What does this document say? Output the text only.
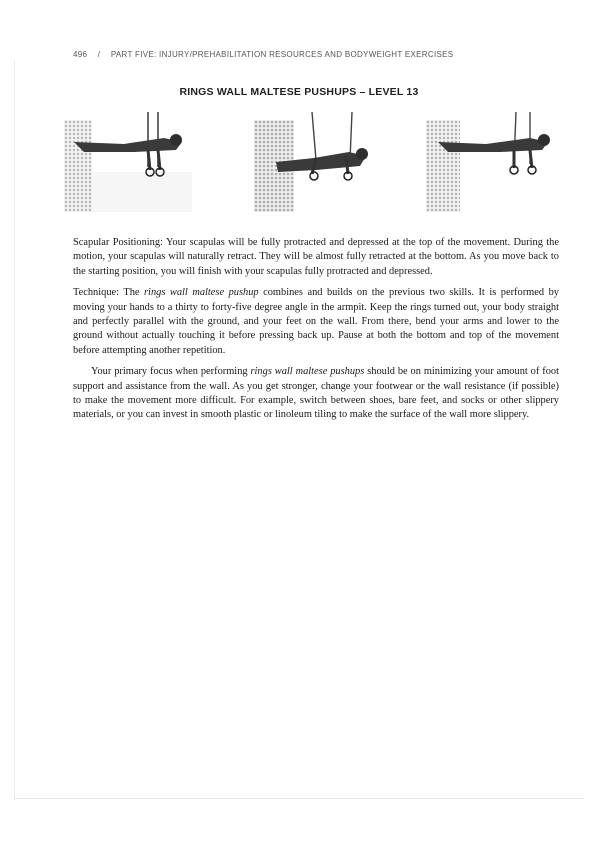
496 / PART FIVE: INJURY/PREHABILITATION RESOURCES AND BODYWEIGHT EXERCISES
RINGS WALL MALTESE PUSHUPS – LEVEL 13

Scapular Positioning: Your scapulas will be fully protracted and depressed at the top of the movement. During the motion, your scapulas will naturally retract. They will be almost fully retracted at the bottom. As you move back to the starting position, you will finish with your scapulas fully protracted and depressed.

Technique: The rings wall maltese pushup combines and builds on the previous two skills. It is performed by moving your hands to a thirty to forty-five degree angle in the armpit. Keep the rings turned out, your body straight and perfectly parallel with the ground, and your feet on the wall. From there, bend your arms and lower to the ground without actually touching it before pressing back up. Pause at both the bottom and top of the movement before attempting another repetition.

Your primary focus when performing rings wall maltese pushups should be on minimizing your amount of foot support and assistance from the wall. As you get stronger, change your footwear or the wall resistance (if possible) to make the movement more difficult. For example, switch between shoes, bare feet, and socks or other slippery materials, or you can invest in smooth plastic or linoleum tiling to make the surface of the wall more slippery.
